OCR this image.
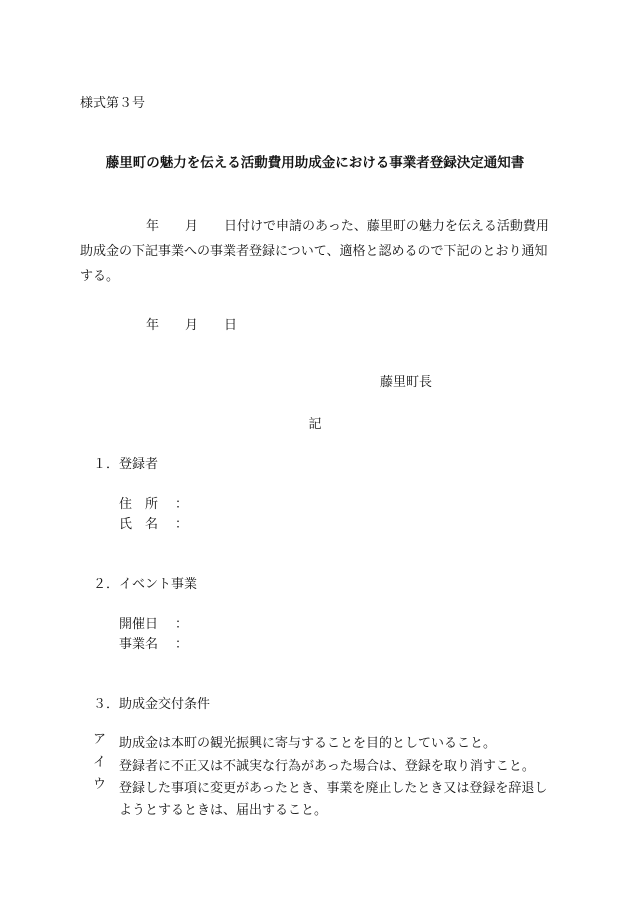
様式第３号
藤里町の魅力を伝える活動費用助成金における事業者登録決定通知書
年　　月　　日付けで申請のあった、藤里町の魅力を伝える活動費用助成金の下記事業への事業者登録について、適格と認めるので下記のとおり通知する。
年 月 日
藤里町長
記
１．登録者
住　所 ：
氏　名 ：
２．イベント事業
開催日 ：
事業名 ：
３．助成金交付条件
ア 助成金は本町の観光振興に寄与することを目的としていること。
イ 登録者に不正又は不誠実な行為があった場合は、登録を取り消すこと。
ウ 登録した事項に変更があったとき、事業を廃止したとき又は登録を辞退しようとするときは、届出すること。
